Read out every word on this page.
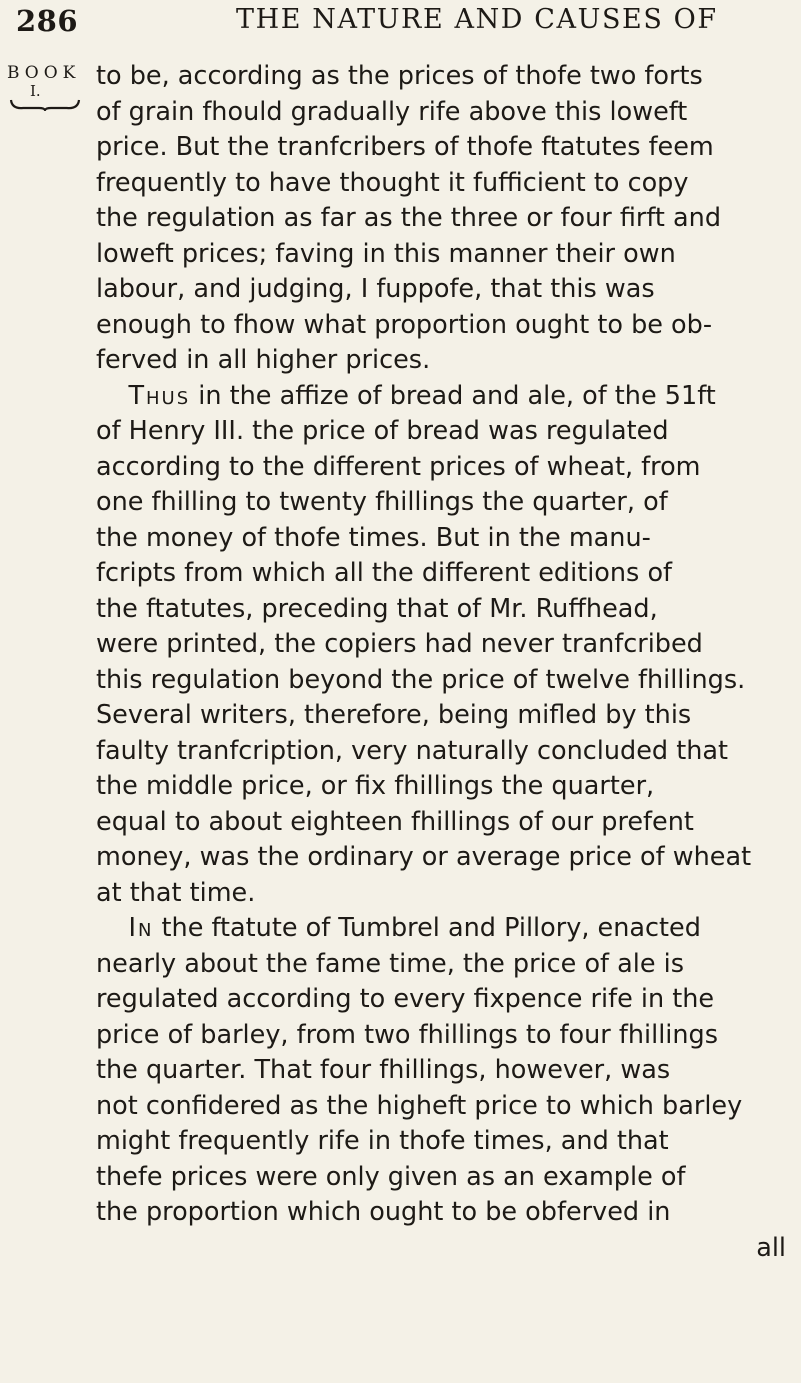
286	THE NATURE AND CAUSES OF
BOOK
I. to be, according as the prices of thofe two forts
of grain fhould gradually rife above this loweft
price. But the tranfcribers of thofe ftatutes feem
frequently to have thought it fufficient to copy
the regulation as far as the three or four firft and
loweft prices; faving in this manner their own
labour, and judging, I fuppofe, that this was
enough to fhow what proportion ought to be ob-
ferved in all higher prices.
Thus in the affize of bread and ale, of the 51ft
of Henry III. the price of bread was regulated
according to the different prices of wheat, from
one fhilling to twenty fhillings the quarter, of
the money of thofe times. But in the manu-
fcripts from which all the different editions of
the ftatutes, preceding that of Mr. Ruffhead,
were printed, the copiers had never tranfcribed
this regulation beyond the price of twelve fhillings.
Several writers, therefore, being mifled by this
faulty tranfcription, very naturally concluded that
the middle price, or fix fhillings the quarter,
equal to about eighteen fhillings of our prefent
money, was the ordinary or average price of wheat
at that time.
In the ftatute of Tumbrel and Pillory, enacted
nearly about the fame time, the price of ale is
regulated according to every fixpence rife in the
price of barley, from two fhillings to four fhillings
the quarter. That four fhillings, however, was
not confidered as the higheft price to which barley
might frequently rife in thofe times, and that
thefe prices were only given as an example of
the proportion which ought to be obferved in
all
